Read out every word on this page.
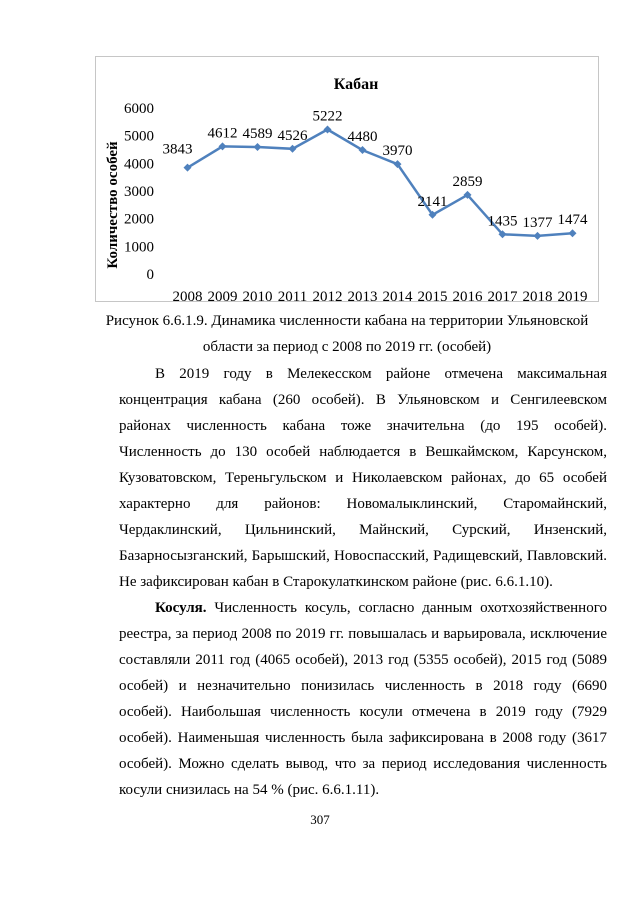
Кабан
Количество особей
0
1000
2000
3000
4000
5000
6000
2008 2009 2010 2011 2012 2013 2014 2015 2016 2017 2018 2019
3843
4612 4589 4526
5222
4480
3970
2141
2859
1435 1377 1474
Рисунок 6.6.1.9. Динамика численности кабана на территории Ульяновской
области за период с 2008 по 2019 гг. (особей)

В 2019 году в Мелекесском районе отмечена максимальная концентрация кабана (260 особей). В Ульяновском и Сенгилеевском районах численность кабана тоже значительна (до 195 особей). Численность до 130 особей наблюдается в Вешкаймском, Карсунском, Кузоватовском, Тереньгульском и Николаевском районах, до 65 особей характерно для районов: Новомалыклинский, Старомайнский, Чердаклинский, Цильнинский, Майнский, Сурский, Инзенский, Базарносызганский, Барышский, Новоспасский, Радищевский, Павловский. Не зафиксирован кабан в Старокулаткинском районе (рис. 6.6.1.10).

Косуля. Численность косуль, согласно данным охотхозяйственного реестра, за период 2008 по 2019 гг. повышалась и варьировала, исключение составляли 2011 год (4065 особей), 2013 год (5355 особей), 2015 год (5089 особей) и незначительно понизилась численность в 2018 году (6690 особей). Наибольшая численность косули отмечена в 2019 году (7929 особей). Наименьшая численность была зафиксирована в 2008 году (3617 особей). Можно сделать вывод, что за период исследования численность косули снизилась на 54 % (рис. 6.6.1.11).

307
